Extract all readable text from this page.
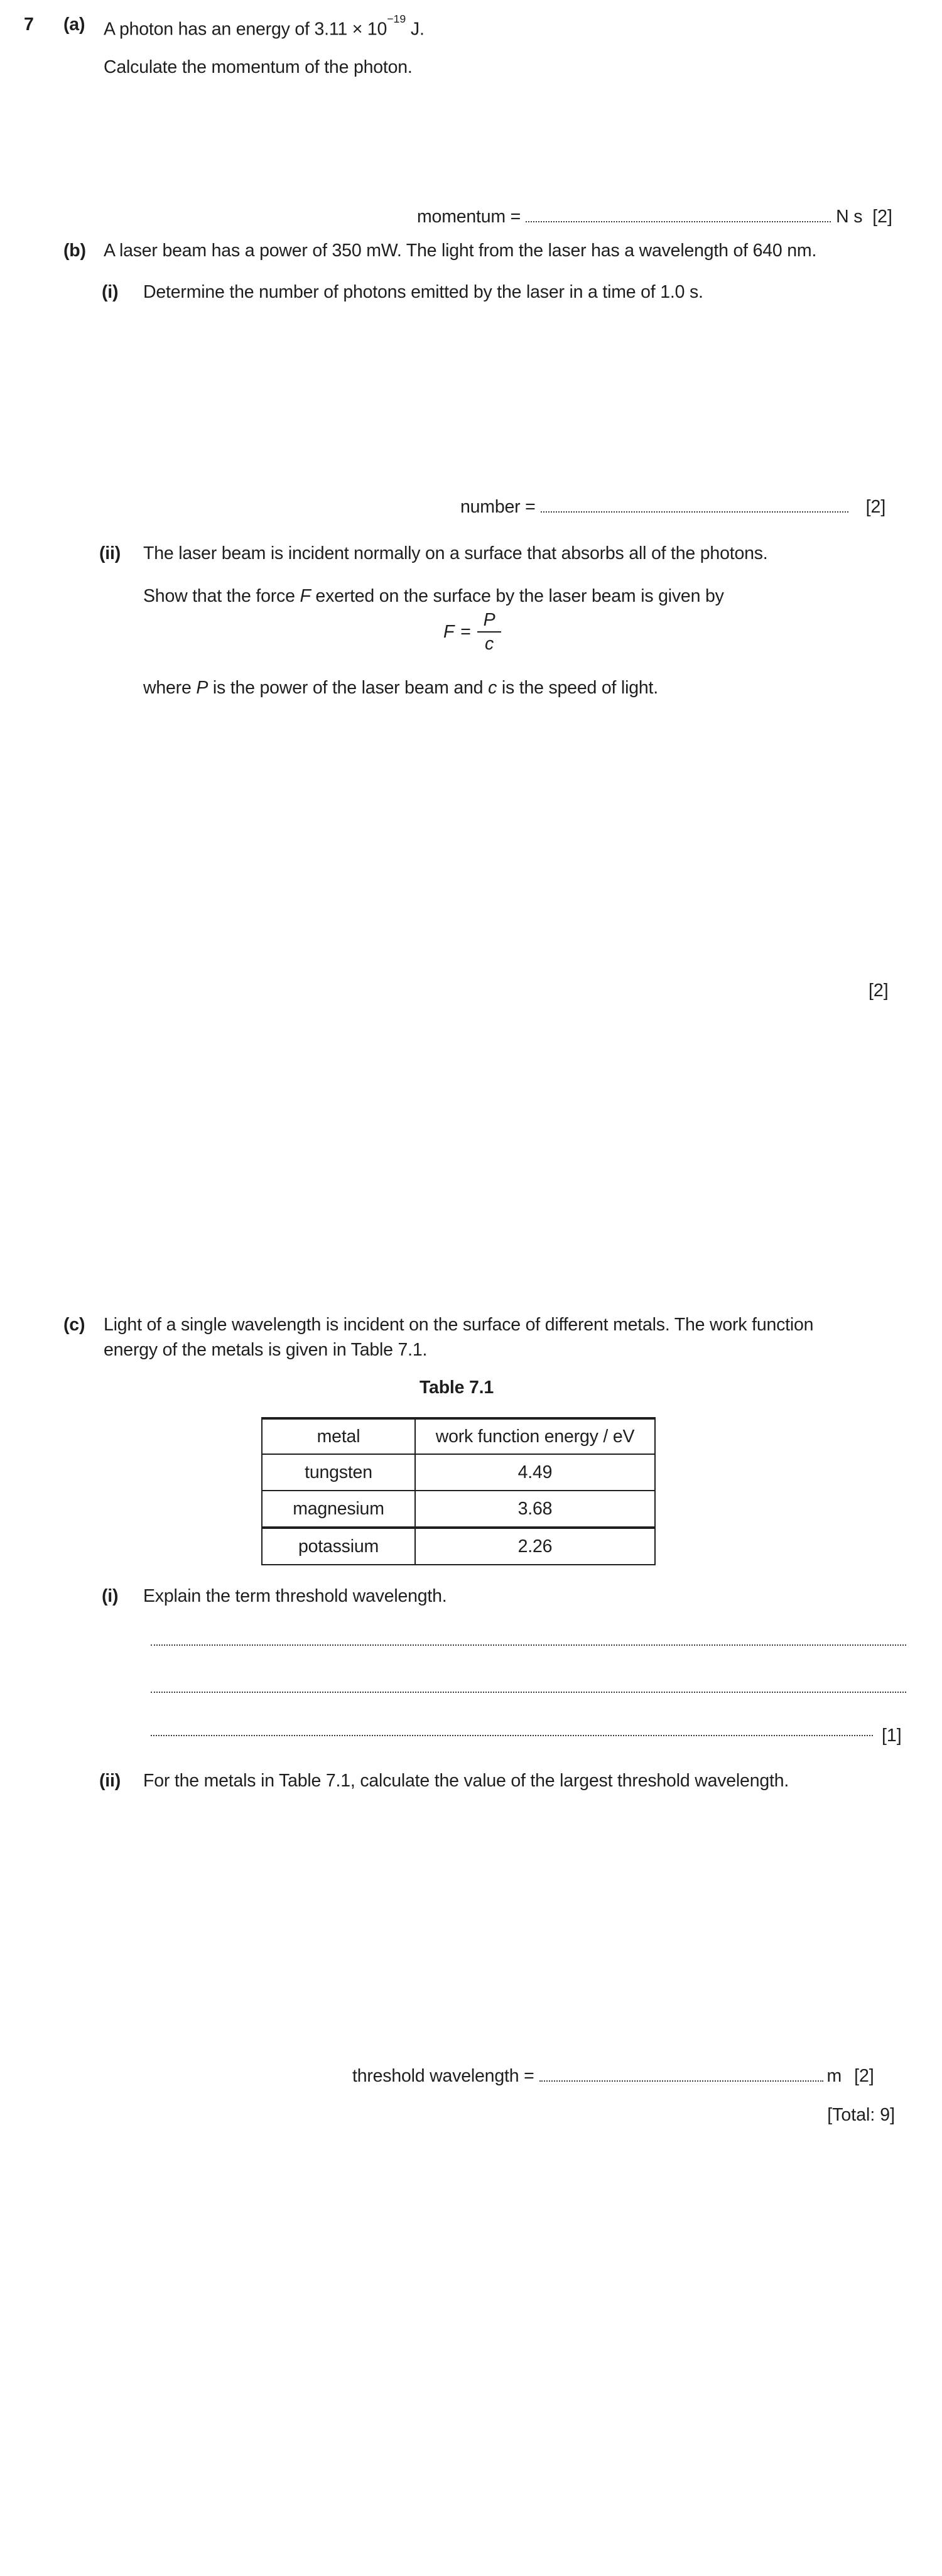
7 (a) A photon has an energy of $3.11 \times 10^{-19}$ J.
Calculate the momentum of the photon.
momentum =	N s [2]
(b) A laser beam has a power of 350 mW. The light from the laser has a wavelength of 640 nm.
(i) Determine the number of photons emitted by the laser in a time of 1.0 s.
number =	[2]
(ii) The laser beam is incident normally on a surface that absorbs all of the photons.
Show that the force F exerted on the surface by the laser beam is given by
$F = \frac{P}{c}$
where P is the power of the laser beam and c is the speed of light.
[2]
(c) Light of a single wavelength is incident on the surface of different metals. The work function
energy of the metals is given in Table 7.1.
Table 7.1
metal	work function energy / eV
tungsten	4.49
magnesium	3.68
potassium	2.26
(i) Explain the term threshold wavelength.
[1]
(ii) For the metals in Table 7.1, calculate the value of the largest threshold wavelength.
threshold wavelength =	m [2]
[Total: 9]
